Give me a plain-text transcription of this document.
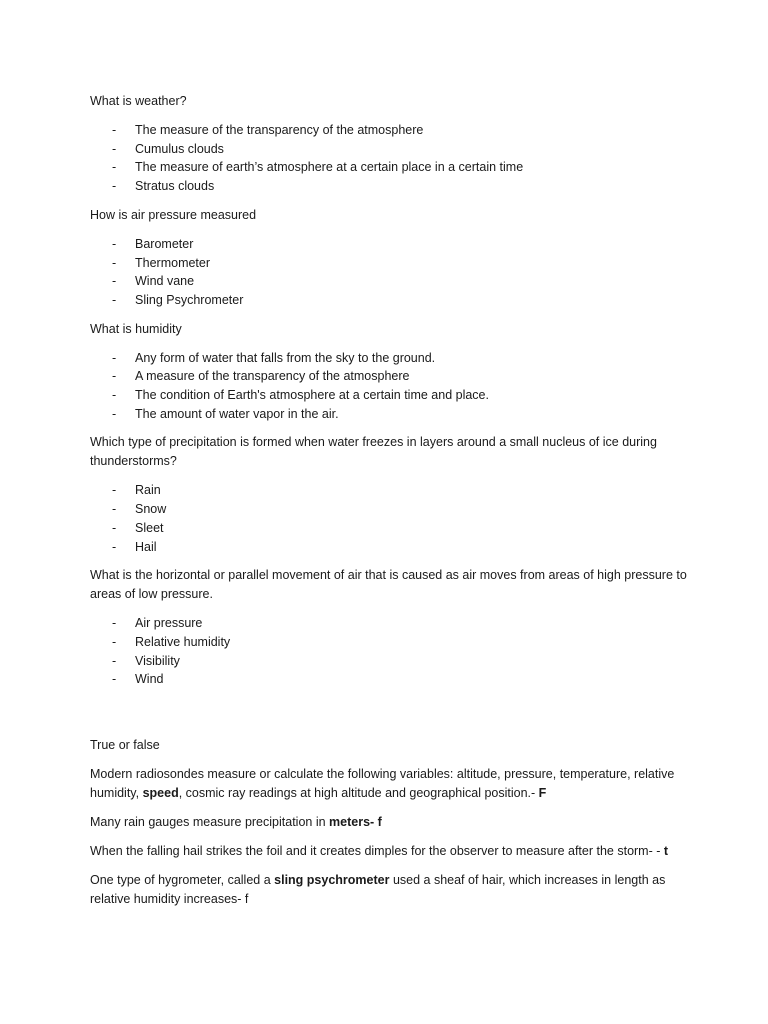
What is weather?

- The measure of the transparency of the atmosphere
- Cumulus clouds
- The measure of earth’s atmosphere at a certain place in a certain time
- Stratus clouds

How is air pressure measured

- Barometer
- Thermometer
- Wind vane
- Sling Psychrometer

What is humidity

- Any form of water that falls from the sky to the ground.
- A measure of the transparency of the atmosphere
- The condition of Earth's atmosphere at a certain time and place.
- The amount of water vapor in the air.

Which type of precipitation is formed when water freezes in layers around a small nucleus of ice during thunderstorms?

- Rain
- Snow
- Sleet
- Hail

What is the horizontal or parallel movement of air that is caused as air moves from areas of high pressure to areas of low pressure.

- Air pressure
- Relative humidity
- Visibility
- Wind

True or false

Modern radiosondes measure or calculate the following variables: altitude, pressure, temperature, relative humidity, speed, cosmic ray readings at high altitude and geographical position.- F

Many rain gauges measure precipitation in meters- f

When the falling hail strikes the foil and it creates dimples for the observer to measure after the storm- - t

One type of hygrometer, called a sling psychrometer used a sheaf of hair, which increases in length as relative humidity increases- f
